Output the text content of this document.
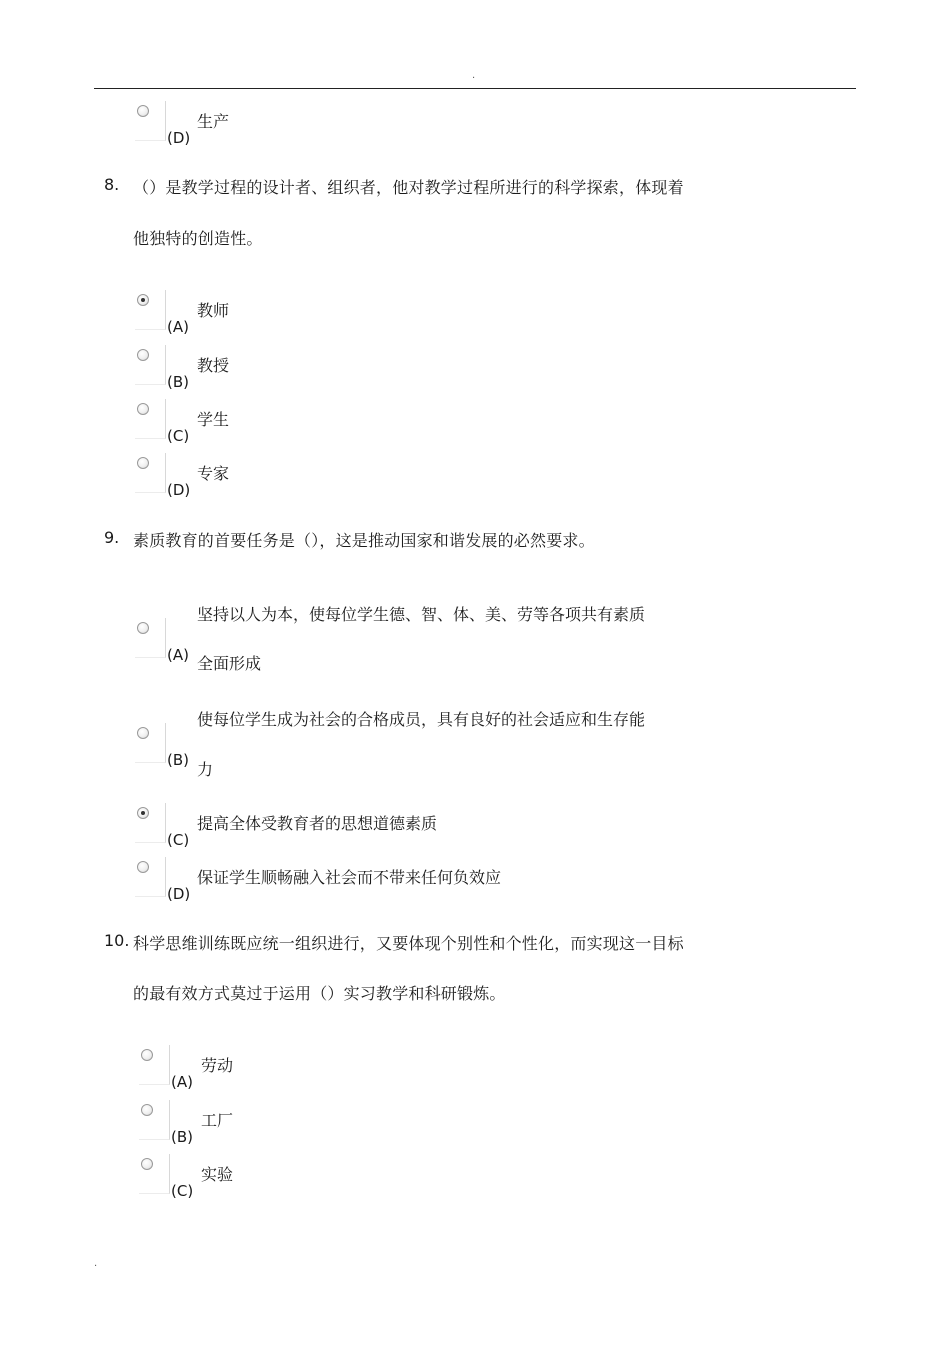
.
(D)
生产
8. （）是教学过程的设计者、组织者，他对教学过程所进行的科学探索，体现着
他独特的创造性。
(A)
教师
(B)
教授
(C)
学生
(D)
专家
9. 素质教育的首要任务是（），这是推动国家和谐发展的必然要求。
(A)
坚持以人为本，使每位学生德、智、体、美、劳等各项共有素质
全面形成
(B)
使每位学生成为社会的合格成员，具有良好的社会适应和生存能
力
(C)
提高全体受教育者的思想道德素质
(D)
保证学生顺畅融入社会而不带来任何负效应
10. 科学思维训练既应统一组织进行，又要体现个别性和个性化，而实现这一目标
的最有效方式莫过于运用（）实习教学和科研锻炼。
(A)
劳动
(B)
工厂
(C)
实验
.
